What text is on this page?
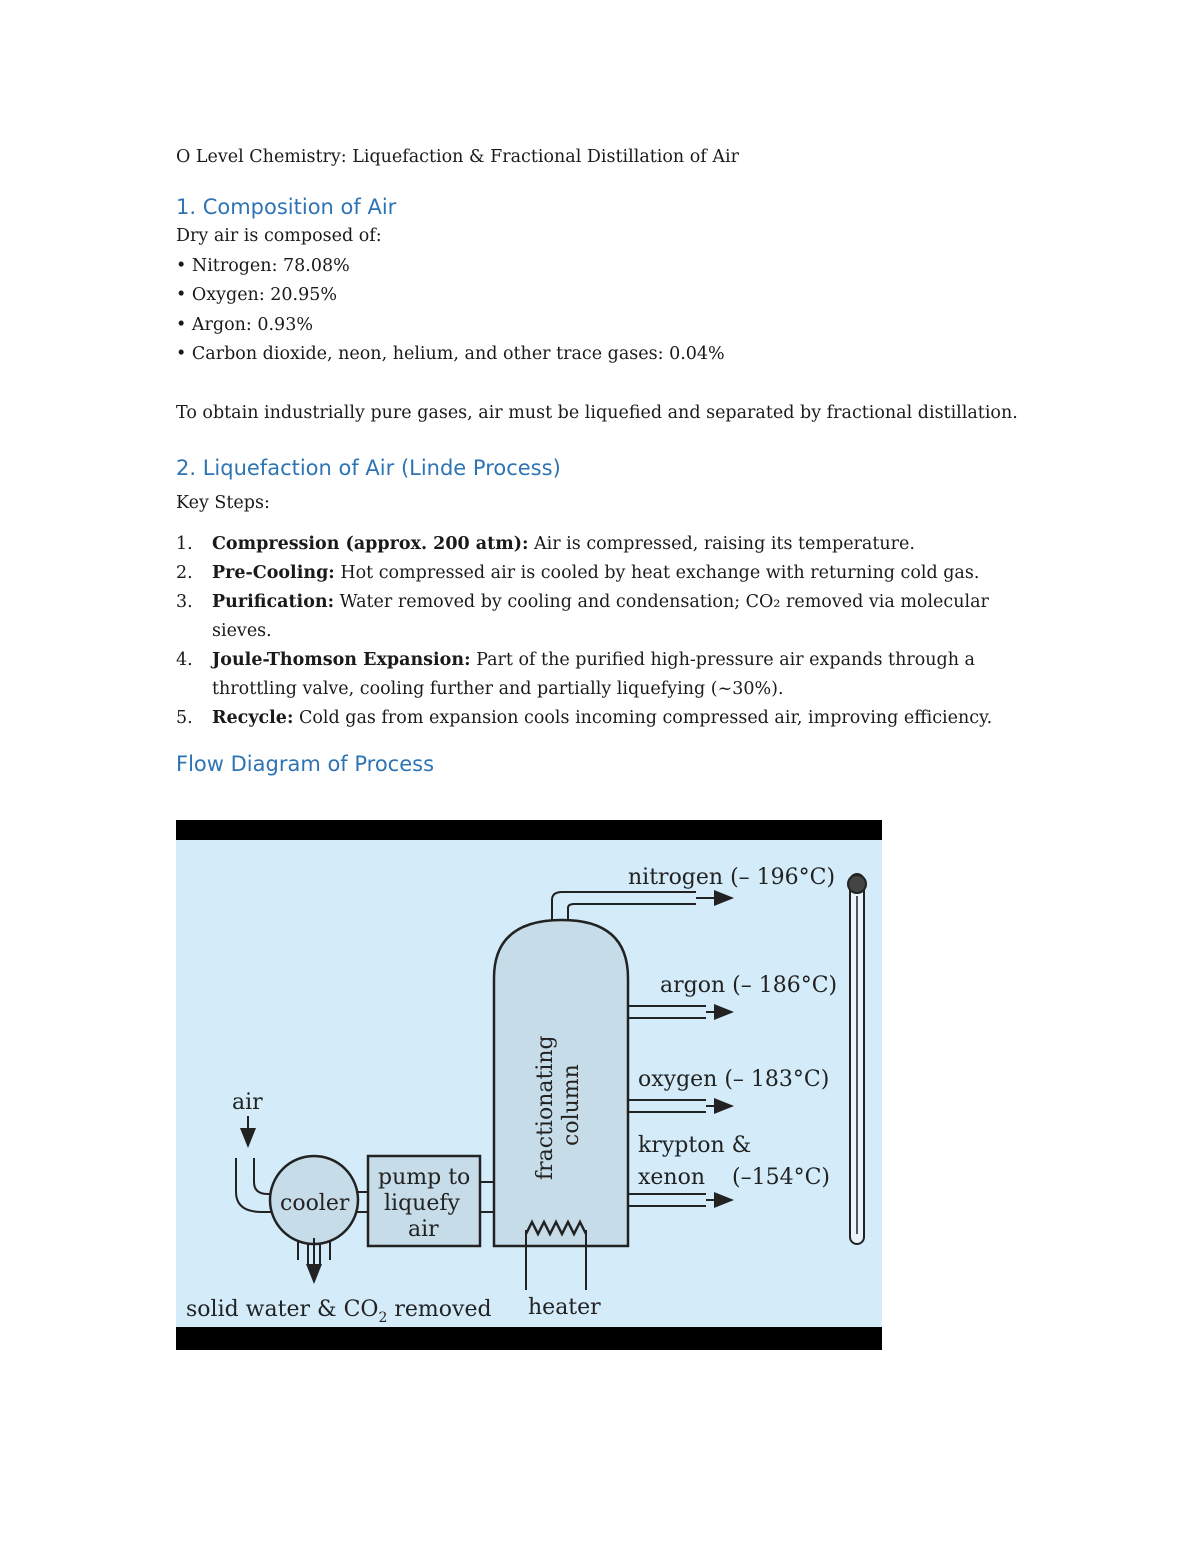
O Level Chemistry: Liquefaction & Fractional Distillation of Air

1. Composition of Air

Dry air is composed of:

• Nitrogen: 78.08%
• Oxygen: 20.95%
• Argon: 0.93%
• Carbon dioxide, neon, helium, and other trace gases: 0.04%

To obtain industrially pure gases, air must be liquefied and separated by fractional distillation.

2. Liquefaction of Air (Linde Process)

Key Steps:

1.	Compression (approx. 200 atm): Air is compressed, raising its temperature.
2.	Pre-Cooling: Hot compressed air is cooled by heat exchange with returning cold gas.
3.	Purification: Water removed by cooling and condensation; CO₂ removed via molecular sieves.
4.	Joule-Thomson Expansion: Part of the purified high-pressure air expands through a throttling valve, cooling further and partially liquefying (~30%).
5.	Recycle: Cold gas from expansion cools incoming compressed air, improving efficiency.
Flow Diagram of Process
air
cooler
pump to
liquefy
air
fractionating column
heater
nitrogen (– 196°C)
argon (– 186°C)
oxygen (– 183°C)
krypton &
xenon (–154°C)
solid water & $CO_2$ removed
